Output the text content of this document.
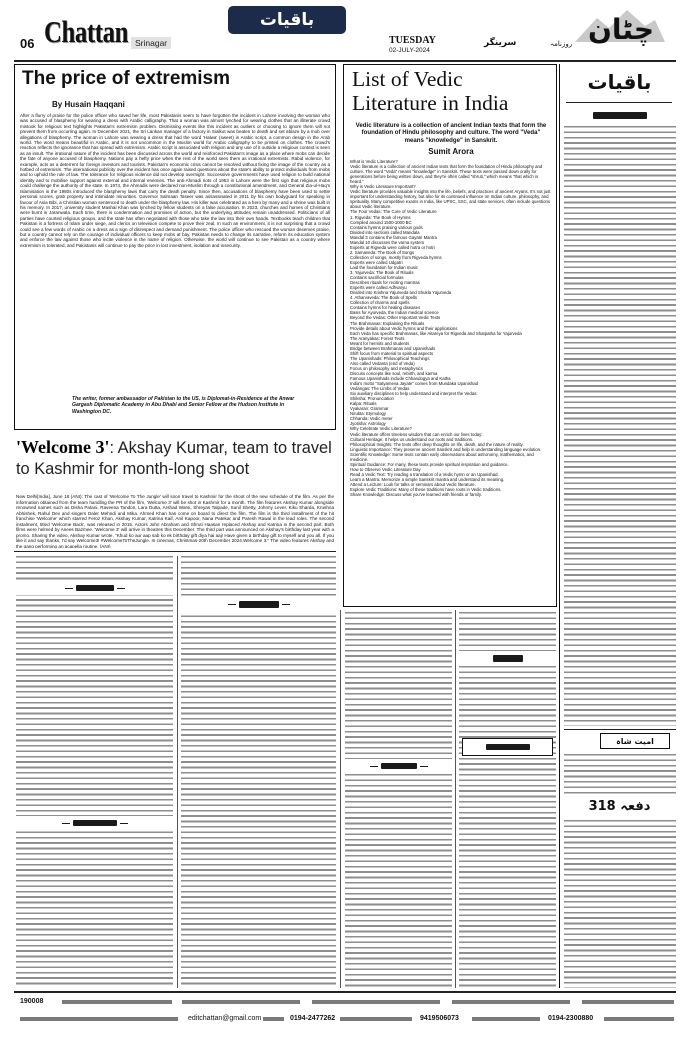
06 Chattan Srinagar
باقیات
TUESDAY
02-JULY-2024
سرینگر	چٹان
روزنامہ
The price of extremism
By Husain Haqqani
After a flurry of praise for the police officer who saved her life, most Pakistanis seem to have forgotten the incident in Lahore involving the woman who was accused of blasphemy for wearing a dress with Arabic calligraphy. That a woman was almost lynched for wearing clothes that an illiterate crowd mistook for religious text highlights Pakistan's extremism problem. Dismissing events like this incident as outliers or choosing to ignore them will not prevent them from occurring again. In December 2021, the Sri Lankan manager of a factory in Sialkot was beaten to death and set ablaze by a mob over allegations of blasphemy. The woman in Lahore was wearing a dress that had the word 'Halwa' (sweet) in Arabic script, a common design in the Arab world. The word means beautiful in Arabic, and it is not uncommon in the Muslim world for Arabic calligraphy to be printed on clothes. The crowd's reaction reflects the ignorance that has spread with extremism. Arabic script is associated with religion and any use of it outside a religious context is seen as an insult. The irrational nature of the incident has been discussed across the world and reinforced Pakistan's image as a place where mobs can decide the fate of anyone accused of blasphemy. Nations pay a hefty price when the rest of the world sees them as irrational extremists. Rabid violence, for example, acts as a deterrent for foreign investors and tourists. Pakistan's economic crisis cannot be resolved without fixing the image of the country as a hotbed of extremism. The international publicity over the incident has once again raised questions about the state's ability to protect individuals from mobs and to uphold the rule of law. The tolerance for religious violence did not develop overnight. Successive governments have used religion to build national identity and to mobilise support against external and internal enemies. The anti-Ahmadi riots of 1953 in Lahore were the first sign that religious mobs could challenge the authority of the state. In 1974, the Ahmadis were declared non-Muslim through a constitutional amendment, and General Zia-ul-Haq's Islamisation in the 1980s introduced the blasphemy laws that carry the death penalty. Since then, accusations of blasphemy have been used to settle personal scores, grab property and intimidate minorities. Governor Salmaan Taseer was assassinated in 2011 by his own bodyguard for speaking in favour of Asia Bibi, a Christian woman sentenced to death under the blasphemy law. His killer was celebrated as a hero by many and a shrine was built in his memory. In 2017, university student Mashal Khan was lynched by fellow students on a false accusation. In 2023, churches and homes of Christians were burnt in Jaranwala. Each time, there is condemnation and promises of action, but the underlying attitudes remain unaddressed. Politicians of all parties have courted religious groups, and the state has often negotiated with those who take the law into their own hands. Textbooks teach children that Pakistan is a fortress of Islam under siege, and clerics on television compete to prove their zeal. In such an environment, it is not surprising that a crowd could see a few words of Arabic on a dress as a sign of disrespect and demand punishment. The police officer who rescued the woman deserves praise, but a country cannot rely on the courage of individual officers to keep mobs at bay. Pakistan needs to change its narrative, reform its education system and enforce the law against those who incite violence in the name of religion. Otherwise, the world will continue to see Pakistan as a country where extremism is tolerated, and Pakistanis will continue to pay the price in lost investment, isolation and insecurity.
The writer, former ambassador of Pakistan to the US, is Diplomat-in-Residence at the Anwar Gargash Diplomatic Academy in Abu Dhabi and Senior Fellow at the Hudson Institute in Washington DC.
'Welcome 3': Akshay Kumar, team to travel to Kashmir for month-long shoot
New Delhi[India], June 18 (ANI): The cast of 'Welcome To The Jungle' will soon travel to Kashmir for the shoot of the new schedule of the film. As per the information obtained from the team handling the PR of the film, 'Welcome 3' will be shot in Kashmir for a month. The film features Akshay Kumar alongside renowned names such as Disha Patani, Raveena Tandon, Lara Dutta, Arshad Warsi, Shreyas Talpade, Sunil Shetty, Johnny Lever, Kiku Sharda, Krushna Abhishek, Rahul Dev and singers Daler Mehndi and Mika. Ahmed Khan has come on board to direct the film. The film is the third installment of the hit franchise 'Welcome' which starred Feroz Khan, Akshay Kumar, Katrina Kaif, Anil Kapoor, Nana Patekar and Paresh Rawal in the lead roles. The second instalment, titled 'Welcome Back', was released in 2015. Actors John Abraham and Shruti Haasan replaced Akshay and Katrina in the second part. Both films were helmed by Anees Bazmee. 'Welcome 3' will arrive in theatres this December. The third part was announced on Akshay's birthday last year with a promo. Sharing the video, Akshay Kumar wrote, "Khud ko aur aap sab ko ek birthday gift diya hai aaj! Have given a birthday gift to myself and you all. If you like it and say thanks, I'd say Welcome3! #WelcomeToTheJungle. In cinemas, Christmas-20th December 2024.Welcome 3." The video features Akshay and the gang performing an acapella routine. (ANI)
List of Vedic Literature in India
Vedic literature is a collection of ancient Indian texts that form the foundation of Hindu philosophy and culture. The word "Veda" means "knowledge" in Sanskrit.
Sumit Arora
What is Vedic Literature?
Vedic literature is a collection of ancient Indian texts that form the foundation of Hindu philosophy and culture. The word "Veda" means "knowledge" in Sanskrit. These texts were passed down orally for generations before being written down, and they're often called "shruti," which means "that which is heard."
Why is Vedic Literature Important?
Vedic literature provides valuable insights into the life, beliefs, and practices of ancient Aryans. It's not just important for understanding history, but also for its continued influence on Indian culture, philosophy, and spirituality. Many competitive exams in India, like UPSC, SSC, and state services, often include questions about Vedic literature.
The Four Vedas: The Core of Vedic Literature
1. Rigveda: The Book of Hymns
Compiled around 1500-1000 BC
Contains hymns praising various gods
Divided into sections called Mandala
Mandal 3 contains the famous Gayatri Mantra
Mandal 10 discusses the varna system
Experts at Rigveda were called hotra or hotri
2. Samaveda: The Book of Songs
Collection of songs, mostly from Rigveda hymns
Experts were called Udgatri
Laid the foundation for Indian music
3. Yajurveda: The Book of Rituals
Contains sacrificial formulas
Describes rituals for reciting mantras
Experts were called Adhvaryu
Divided into Krishna Yajurveda and Shukla Yajurveda
4. Atharvaveda: The Book of Spells
Collection of charms and spells
Contains hymns for healing diseases
Basis for Ayurveda, the Indian medical science
Beyond the Vedas: Other Important Vedic Texts
The Brahmanas: Explaining the Rituals
Provide details about Vedic hymns and their applications
Each Veda has specific Brahmanas, like Aitareya for Rigveda and Shatpatha for Yajurveda
The Aranyakas: Forest Texts
Meant for hermits and students
Bridge between Brahmanas and Upanishads
Shift focus from material to spiritual aspects
The Upanishads: Philosophical Teachings
Also called Vedanta (end of Veda)
Focus on philosophy and metaphysics
Discuss concepts like soul, rebirth, and karma
Famous Upanishads include Chhandogya and Katha
India's motto "Satyameva Jayate" comes from Mundaka Upanishad
Vedangas: The Limbs of Vedas
Six auxiliary disciplines to help understand and interpret the Vedas:
Shiksha: Pronunciation
Kalpa: Rituals
Vyakaran: Grammar
Nirukta: Etymology
Chhanda: Vedic meter
Jyotisha: Astrology
Why Celebrate Vedic Literature?
Vedic literature offers timeless wisdom that can enrich our lives today:
Cultural Heritage: It helps us understand our roots and traditions.
Philosophical Insights: The texts offer deep thoughts on life, death, and the nature of reality.
Linguistic Importance: They preserve ancient Sanskrit and help in understanding language evolution.
Scientific Knowledge: Some texts contain early observations about astronomy, mathematics, and medicine.
Spiritual Guidance: For many, these texts provide spiritual inspiration and guidance.
How to Observe Vedic Literature Day
Read a Vedic Text: Try reading a translation of a Vedic hymn or an Upanishad.
Learn a Mantra: Memorize a simple Sanskrit mantra and understand its meaning.
Attend a Lecture: Look for talks or seminars about Vedic literature.
Explore Vedic Traditions: Many of these traditions have roots in Vedic traditions.
Share Knowledge: Discuss what you've learned with friends or family.
باقیات
امیت شاہ
دفعہ 318
190008
editchattan@gmail.com	0194-2477262	9419506073	0194-2300880
